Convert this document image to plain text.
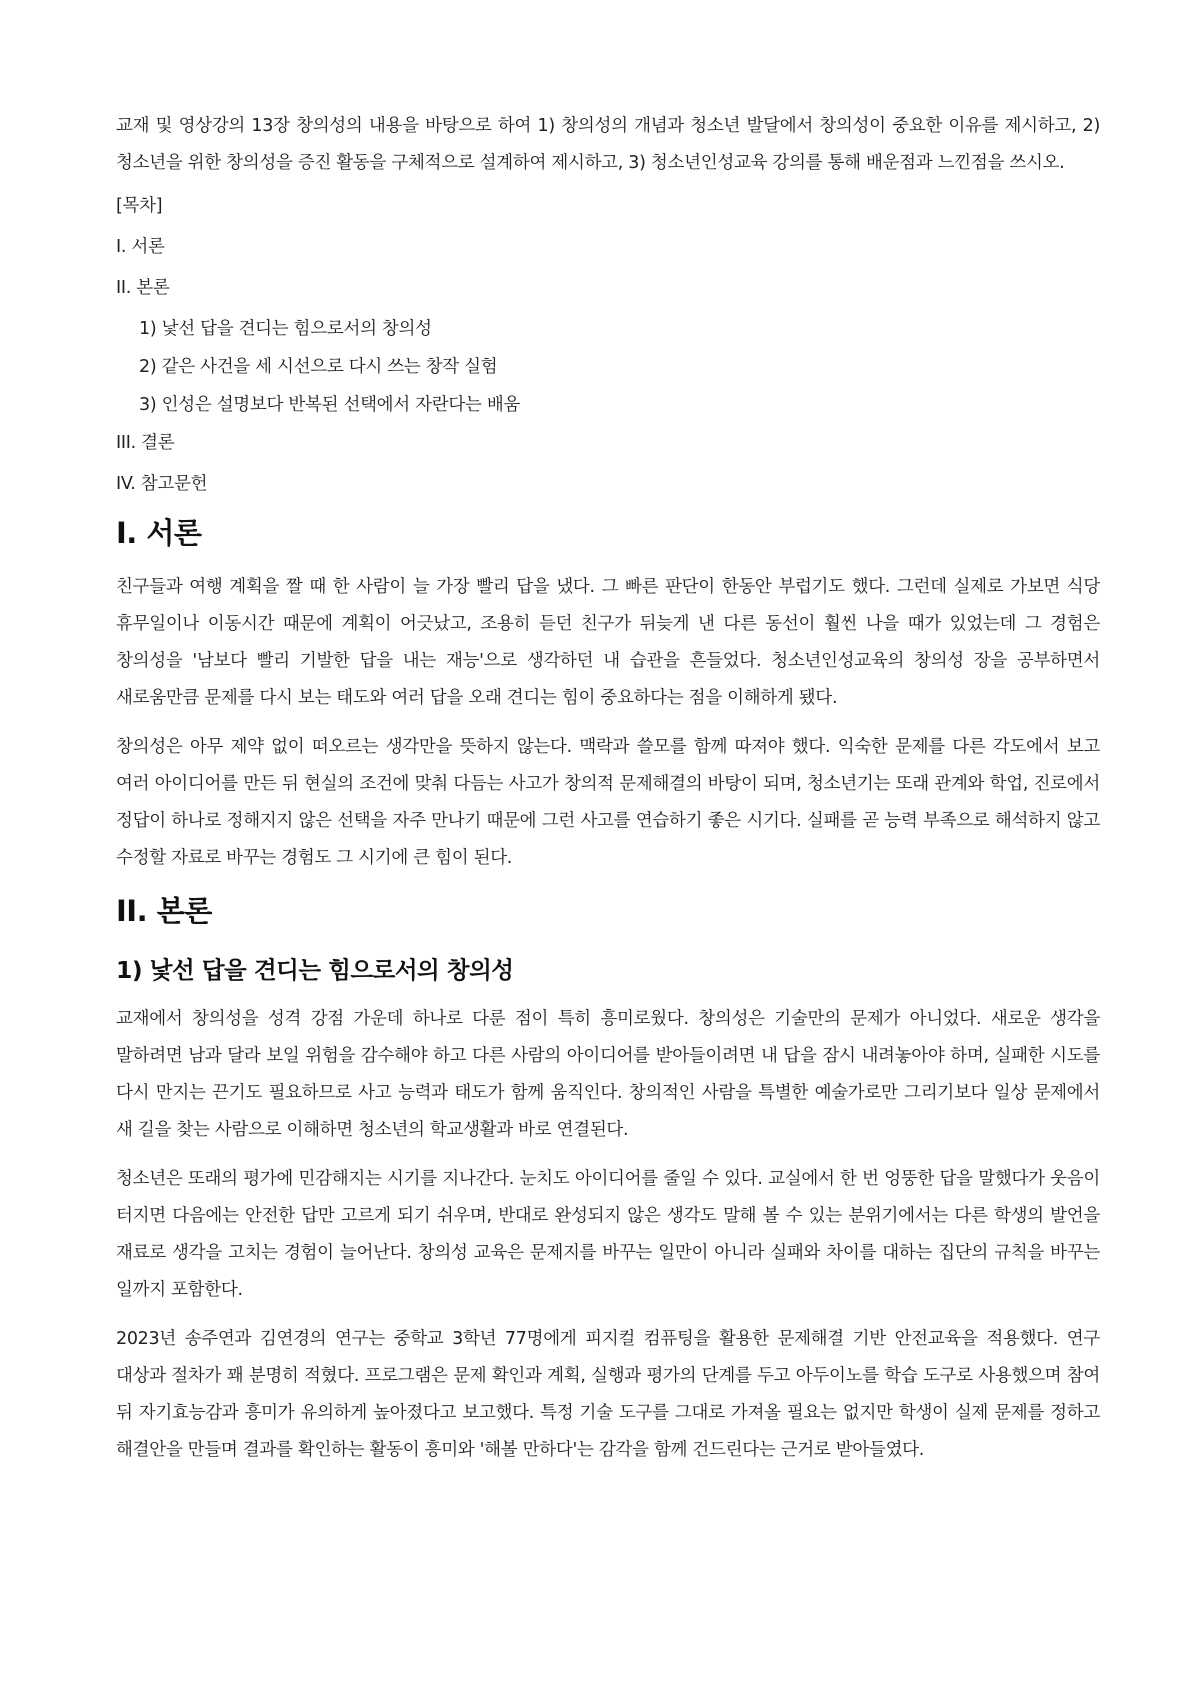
교재 및 영상강의 13장 창의성의 내용을 바탕으로 하여 1) 창의성의 개념과 청소년 발달에서 창의성이 중요한 이유를 제시하고, 2) 청소년을 위한 창의성을 증진 활동을 구체적으로 설계하여 제시하고, 3) 청소년인성교육 강의를 통해 배운점과 느낀점을 쓰시오.

[목차]
I. 서론
II. 본론
1) 낯선 답을 견디는 힘으로서의 창의성
2) 같은 사건을 세 시선으로 다시 쓰는 창작 실험
3) 인성은 설명보다 반복된 선택에서 자란다는 배움
III. 결론
IV. 참고문헌
I. 서론

친구들과 여행 계획을 짤 때 한 사람이 늘 가장 빨리 답을 냈다. 그 빠른 판단이 한동안 부럽기도 했다. 그런데 실제로 가보면 식당 휴무일이나 이동시간 때문에 계획이 어긋났고, 조용히 듣던 친구가 뒤늦게 낸 다른 동선이 훨씬 나을 때가 있었는데 그 경험은 창의성을 '남보다 빨리 기발한 답을 내는 재능'으로 생각하던 내 습관을 흔들었다. 청소년인성교육의 창의성 장을 공부하면서 새로움만큼 문제를 다시 보는 태도와 여러 답을 오래 견디는 힘이 중요하다는 점을 이해하게 됐다.

창의성은 아무 제약 없이 떠오르는 생각만을 뜻하지 않는다. 맥락과 쓸모를 함께 따져야 했다. 익숙한 문제를 다른 각도에서 보고 여러 아이디어를 만든 뒤 현실의 조건에 맞춰 다듬는 사고가 창의적 문제해결의 바탕이 되며, 청소년기는 또래 관계와 학업, 진로에서 정답이 하나로 정해지지 않은 선택을 자주 만나기 때문에 그런 사고를 연습하기 좋은 시기다. 실패를 곧 능력 부족으로 해석하지 않고 수정할 자료로 바꾸는 경험도 그 시기에 큰 힘이 된다.

II. 본론
1) 낯선 답을 견디는 힘으로서의 창의성

교재에서 창의성을 성격 강점 가운데 하나로 다룬 점이 특히 흥미로웠다. 창의성은 기술만의 문제가 아니었다. 새로운 생각을 말하려면 남과 달라 보일 위험을 감수해야 하고 다른 사람의 아이디어를 받아들이려면 내 답을 잠시 내려놓아야 하며, 실패한 시도를 다시 만지는 끈기도 필요하므로 사고 능력과 태도가 함께 움직인다. 창의적인 사람을 특별한 예술가로만 그리기보다 일상 문제에서 새 길을 찾는 사람으로 이해하면 청소년의 학교생활과 바로 연결된다.

청소년은 또래의 평가에 민감해지는 시기를 지나간다. 눈치도 아이디어를 줄일 수 있다. 교실에서 한 번 엉뚱한 답을 말했다가 웃음이 터지면 다음에는 안전한 답만 고르게 되기 쉬우며, 반대로 완성되지 않은 생각도 말해 볼 수 있는 분위기에서는 다른 학생의 발언을 재료로 생각을 고치는 경험이 늘어난다. 창의성 교육은 문제지를 바꾸는 일만이 아니라 실패와 차이를 대하는 집단의 규칙을 바꾸는 일까지 포함한다.

2023년 송주연과 김연경의 연구는 중학교 3학년 77명에게 피지컬 컴퓨팅을 활용한 문제해결 기반 안전교육을 적용했다. 연구 대상과 절차가 꽤 분명히 적혔다. 프로그램은 문제 확인과 계획, 실행과 평가의 단계를 두고 아두이노를 학습 도구로 사용했으며 참여 뒤 자기효능감과 흥미가 유의하게 높아졌다고 보고했다. 특정 기술 도구를 그대로 가져올 필요는 없지만 학생이 실제 문제를 정하고 해결안을 만들며 결과를 확인하는 활동이 흥미와 '해볼 만하다'는 감각을 함께 건드린다는 근거로 받아들였다.
